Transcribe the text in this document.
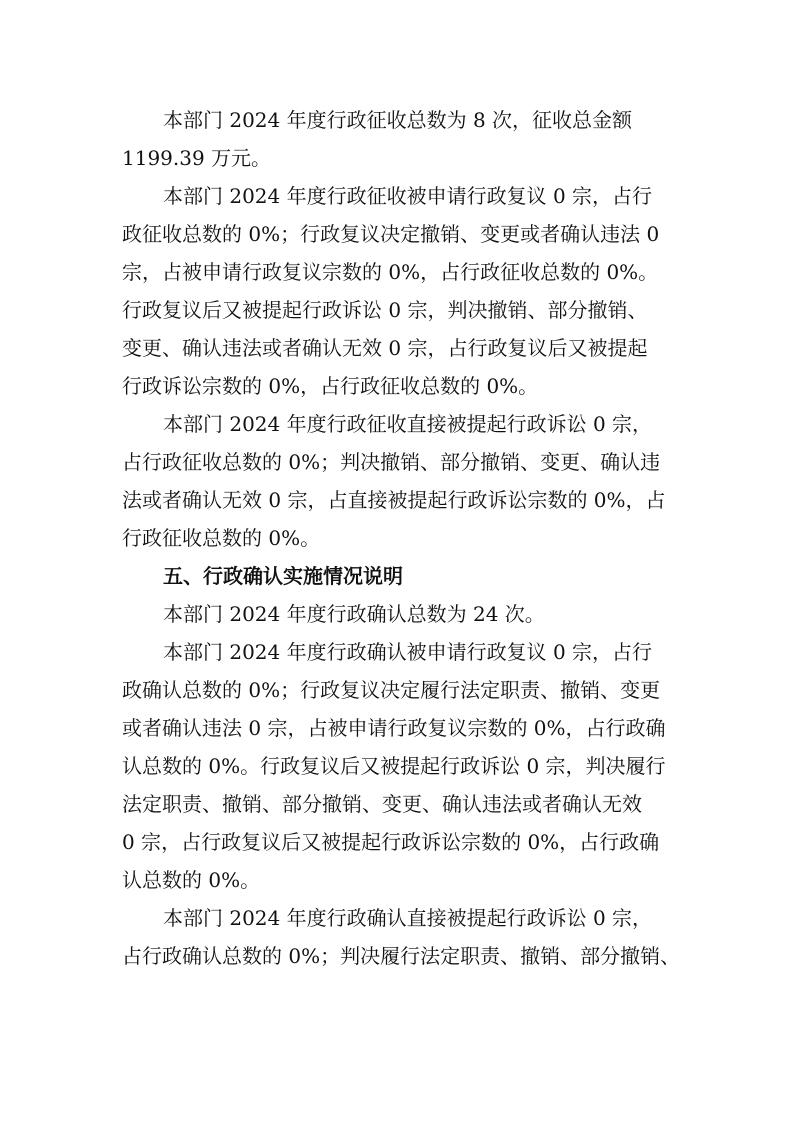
本部门 2024 年度行政征收总数为 8 次，征收总金额
1199.39 万元。
本部门 2024 年度行政征收被申请行政复议 0 宗，占行
政征收总数的 0%；行政复议决定撤销、变更或者确认违法 0
宗，占被申请行政复议宗数的 0%，占行政征收总数的 0%。
行政复议后又被提起行政诉讼 0 宗，判决撤销、部分撤销、
变更、确认违法或者确认无效 0 宗，占行政复议后又被提起
行政诉讼宗数的 0%，占行政征收总数的 0%。
本部门 2024 年度行政征收直接被提起行政诉讼 0 宗，
占行政征收总数的 0%；判决撤销、部分撤销、变更、确认违
法或者确认无效 0 宗，占直接被提起行政诉讼宗数的 0%，占
行政征收总数的 0%。
五、行政确认实施情况说明
本部门 2024 年度行政确认总数为 24 次。
本部门 2024 年度行政确认被申请行政复议 0 宗，占行
政确认总数的 0%；行政复议决定履行法定职责、撤销、变更
或者确认违法 0 宗，占被申请行政复议宗数的 0%，占行政确
认总数的 0%。行政复议后又被提起行政诉讼 0 宗，判决履行
法定职责、撤销、部分撤销、变更、确认违法或者确认无效
0 宗，占行政复议后又被提起行政诉讼宗数的 0%，占行政确
认总数的 0%。
本部门 2024 年度行政确认直接被提起行政诉讼 0 宗，
占行政确认总数的 0%；判决履行法定职责、撤销、部分撤销、
